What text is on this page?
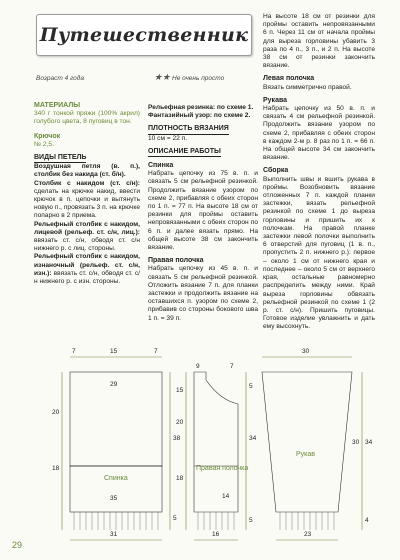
Путешественник
Возраст 4 года	★★ Не очень просто
МАТЕРИАЛЫ

340 г тонкой пряжи (100% акрил) голубого цвета, 8 пуговиц в тон.

Крючок

№ 2,5.

ВИДЫ ПЕТЕЛЬ

Воздушная петля (в. п.), столбик без накида (ст. б/н).

Столбик с накидом (ст. с/н): сделать на крючке накид, ввести крючок в п. цепочки и вытянуть новую п., провязать 3 п. на крючке попарно в 2 приема.

Рельефный столбик с накидом, лицевой (рельеф. ст. с/н, лиц.): ввязать ст. с/н, обводя ст. с/н нижнего р. с лиц. стороны.

Рельефный столбик с накидом, изнаночный (рельеф. ст. с/н, изн.): ввязать ст. с/н, обводя ст. с/н нижнего р. с изн. стороны.

Рельефная резинка: по схеме 1.

Фантазийный узор: по схеме 2.

ПЛОТНОСТЬ ВЯЗАНИЯ

10 см = 22 п.

ОПИСАНИЕ РАБОТЫ
Спинка

Набрать цепочку из 75 в. п. и связать 5 см рельефной резинкой. Продолжить вязание узором по схеме 2, прибавляя с обеих сторон по 1 п. = 77 п. На высоте 18 см от резинки для проймы оставить непровязанными с обеих сторон по 6 п. и далее вязать прямо. На общей высоте 38 см закончить вязание.

Правая полочка

Набрать цепочку из 45 в. п. и связать 5 см рельефной резинкой. Отложить вязание 7 п. для планки застежки и продолжить вязание на оставшихся п. узором по схеме 2, прибавив со стороны бокового шва 1 п. = 39 п.

На высоте 18 см от резинки для проймы оставить непровязанными 6 п. Через 11 см от начала проймы для выреза горловины убавить 3 раза по 4 п., 3 п., и 2 п. На высоте 38 см от резинки закончить вязание.

Левая полочка

Вязать симметрично правой.

Рукава

Набрать цепочку из 50 в. п. и связать 4 см рельефной резинкой. Продолжить вязание узором по схеме 2, прибавляя с обеих сторон в каждом 2-м р. 8 раз по 1 п. = 66 п. На общей высоте 34 см закончить вязание.

Сборка

Выполнить швы и вшить рукава в проймы. Возобновить вязание отложенных 7 п. каждой планки застежки, вязать рельефной резинкой по схеме 1 до выреза горловины и пришить их к полочкам. На правой планке застежки левой полочки выполнить 6 отверстий для пуговиц (1 в. п., пропустить 2 п. нижнего р.): первое – около 1 см от нижнего края и последнее – около 5 см от верхнего края, остальные равномерно распределить между ними. Край выреза горловины обвязать рельефной резинкой по схеме 1 (2 р. ст. с/н). Пришить пуговицы. Готовое изделие увлажнить и дать ему высохнуть.

Спинка
7	15	7
29
20
18
38
5
31
35
Правая полочка
9	7
15
5
20
18
34
5
14
16
Рукав
30
30 34
4
23
29
